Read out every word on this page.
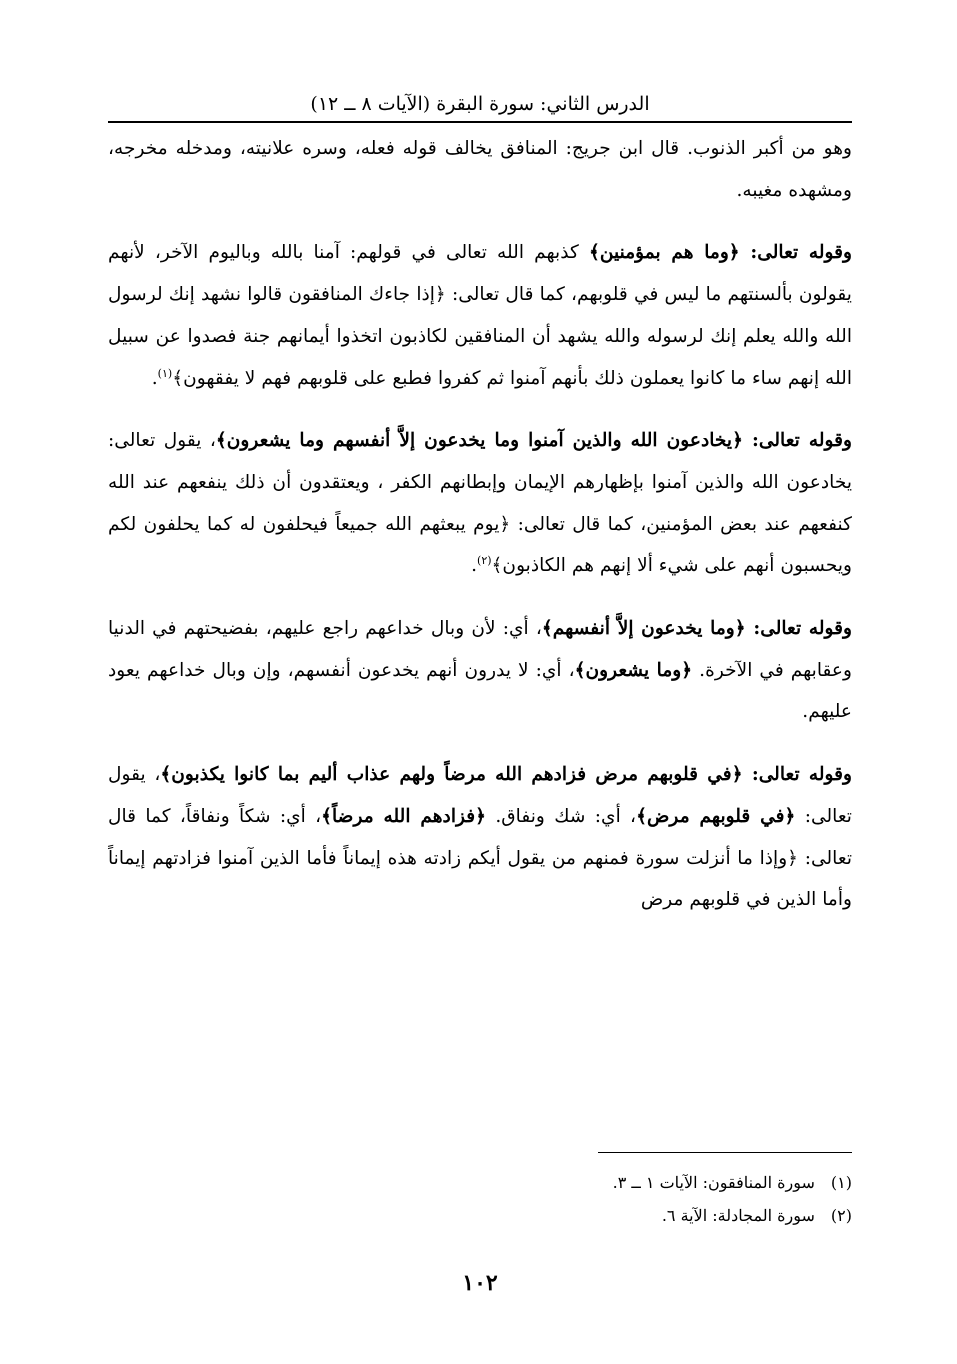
الدرس الثاني: سورة البقرة (الآيات ٨ ــ ١٢)

وهو من أكبر الذنوب. قال ابن جريج: المنافق يخالف قوله فعله، وسره علانيته، ومدخله مخرجه، ومشهده مغيبه.

وقوله تعالى: ﴿وما هم بمؤمنين﴾ كذبهم الله تعالى في قولهم: آمنا بالله وباليوم الآخر، لأنهم يقولون بألسنتهم ما ليس في قلوبهم، كما قال تعالى: ﴿إذا جاءك المنافقون قالوا نشهد إنك لرسول الله والله يعلم إنك لرسوله والله يشهد أن المنافقين لكاذبون اتخذوا أيمانهم جنة فصدوا عن سبيل الله إنهم ساء ما كانوا يعملون ذلك بأنهم آمنوا ثم كفروا فطبع على قلوبهم فهم لا يفقهون﴾$^{(١)}$.

وقوله تعالى: ﴿يخادعون الله والذين آمنوا وما يخدعون إلاَّ أنفسهم وما يشعرون﴾، يقول تعالى: يخادعون الله والذين آمنوا بإظهارهم الإيمان وإبطانهم الكفر ، ويعتقدون أن ذلك ينفعهم عند الله كنفعهم عند بعض المؤمنين، كما قال تعالى: ﴿يوم يبعثهم الله جميعاً فيحلفون له كما يحلفون لكم ويحسبون أنهم على شيء ألا إنهم هم الكاذبون﴾$^{(٢)}$.

وقوله تعالى: ﴿وما يخدعون إلاَّ أنفسهم﴾، أي: لأن وبال خداعهم راجع عليهم، بفضيحتهم في الدنيا وعقابهم في الآخرة. ﴿وما يشعرون﴾، أي: لا يدرون أنهم يخدعون أنفسهم، وإن وبال خداعهم يعود عليهم.

وقوله تعالى: ﴿في قلوبهم مرض فزادهم الله مرضاً ولهم عذاب أليم بما كانوا يكذبون﴾، يقول تعالى: ﴿في قلوبهم مرض﴾، أي: شك ونفاق. ﴿فزادهم الله مرضاً﴾، أي: شكاً ونفاقاً، كما قال تعالى: ﴿وإذا ما أنزلت سورة فمنهم من يقول أيكم زادته هذه إيماناً فأما الذين آمنوا فزادتهم إيماناً وأما الذين في قلوبهم مرض

(١)سورة المنافقون: الآيات ١ ــ ٣.
(٢)سورة المجادلة: الآية ٦.
١٠٢
